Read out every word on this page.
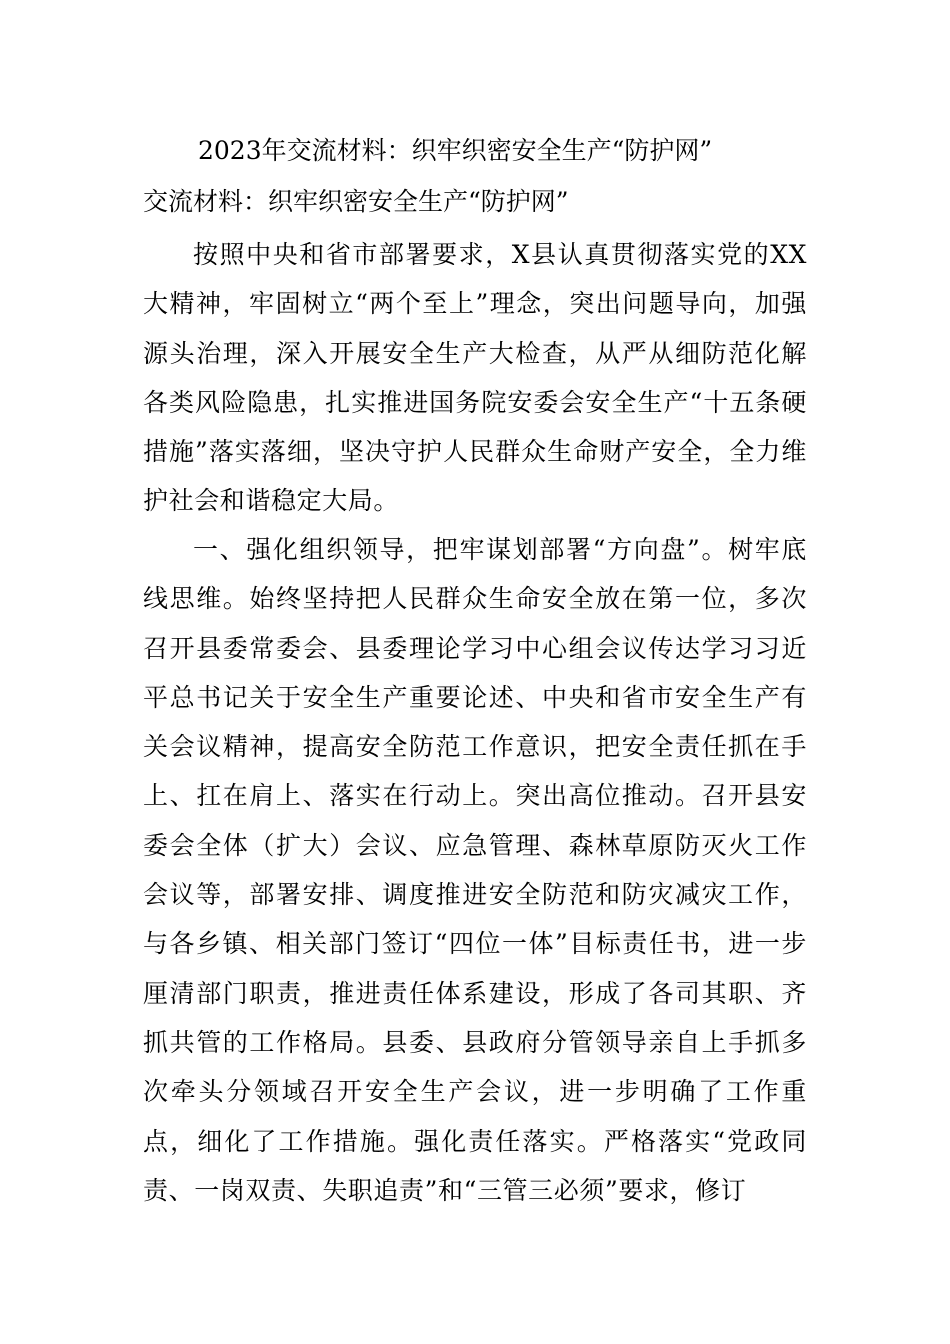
2023年交流材料：织牢织密安全生产“防护网”
交流材料：织牢织密安全生产“防护网”

按照中央和省市部署要求，X县认真贯彻落实党的XX大精神，牢固树立“两个至上”理念，突出问题导向，加强源头治理，深入开展安全生产大检查，从严从细防范化解各类风险隐患，扎实推进国务院安委会安全生产“十五条硬措施”落实落细，坚决守护人民群众生命财产安全，全力维护社会和谐稳定大局。

一、强化组织领导，把牢谋划部署“方向盘”。树牢底线思维。始终坚持把人民群众生命安全放在第一位，多次召开县委常委会、县委理论学习中心组会议传达学习习近平总书记关于安全生产重要论述、中央和省市安全生产有关会议精神，提高安全防范工作意识，把安全责任抓在手上、扛在肩上、落实在行动上。突出高位推动。召开县安委会全体（扩大）会议、应急管理、森林草原防灭火工作会议等，部署安排、调度推进安全防范和防灾减灾工作，与各乡镇、相关部门签订“四位一体”目标责任书，进一步厘清部门职责，推进责任体系建设，形成了各司其职、齐抓共管的工作格局。县委、县政府分管领导亲自上手抓多次牵头分领域召开安全生产会议，进一步明确了工作重点，细化了工作措施。强化责任落实。严格落实“党政同责、一岗双责、失职追责”和“三管三必须”要求，修订
